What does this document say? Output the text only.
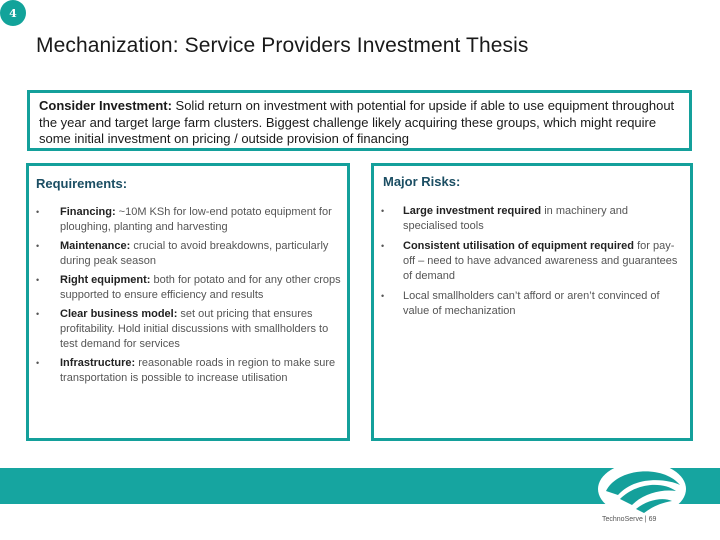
4
Mechanization: Service Providers Investment Thesis
Consider Investment: Solid return on investment with potential for upside if able to use equipment throughout the year and target large farm clusters. Biggest challenge likely acquiring these groups, which might require some initial investment on pricing / outside provision of financing
Requirements:
• Financing: ~10M KSh for low-end potato equipment for ploughing, planting and harvesting
• Maintenance: crucial to avoid breakdowns, particularly during peak season
• Right equipment: both for potato and for any other crops supported to ensure efficiency and results
• Clear business model: set out pricing that ensures profitability. Hold initial discussions with smallholders to test demand for services
• Infrastructure: reasonable roads in region to make sure transportation is possible to increase utilisation
Major Risks:
• Large investment required in machinery and specialised tools
• Consistent utilisation of equipment required for pay-off – need to have advanced awareness and guarantees of demand
• Local smallholders can’t afford or aren’t convinced of value of mechanization
TechnoServe | 69
